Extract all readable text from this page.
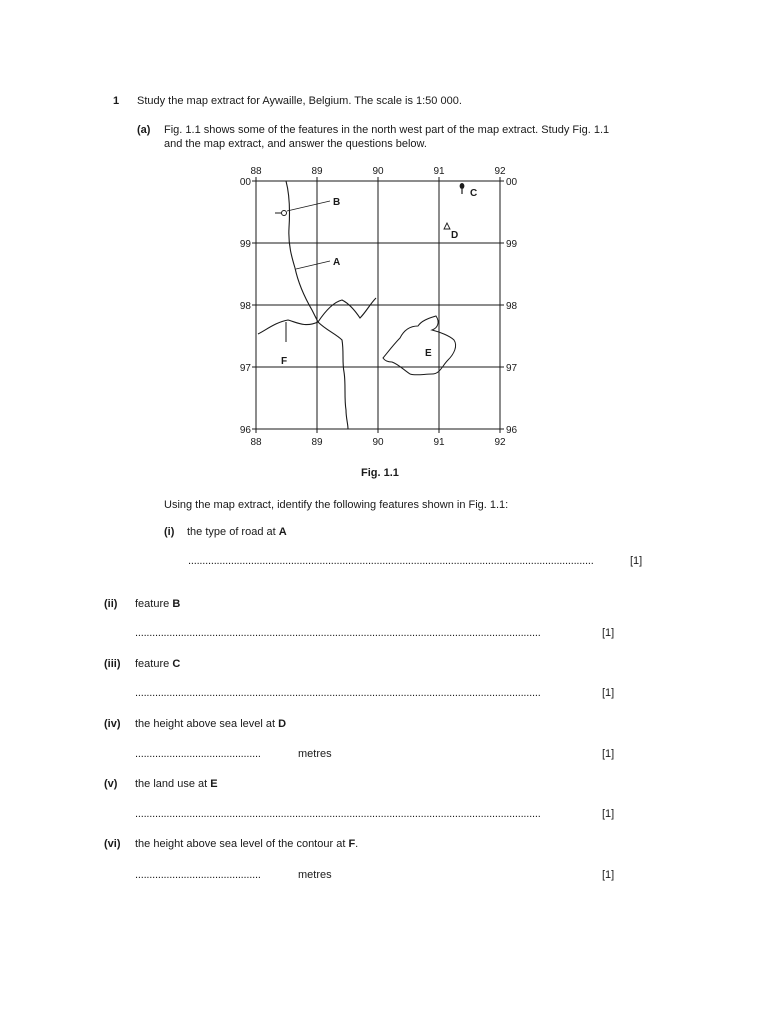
1 Study the map extract for Aywaille, Belgium. The scale is 1:50 000.
(a) Fig. 1.1 shows some of the features in the north west part of the map extract. Study Fig. 1.1
and the map extract, and answer the questions below.
88	89	90	91	92
88	89	90	91	92
00
99
98
97
96
00
99
98
97
96
B
A
C
D
E
F
Fig. 1.1
Using the map extract, identify the following features shown in Fig. 1.1:
(i) the type of road at A
..............................................................................................................................................	[1]
(ii) feature B
..............................................................................................................................................	[1]
(iii) feature C
..............................................................................................................................................	[1]
(iv) the height above sea level at D
............................................	metres	[1]
(v) the land use at E
..............................................................................................................................................	[1]
(vi) the height above sea level of the contour at F.
............................................	metres	[1]
